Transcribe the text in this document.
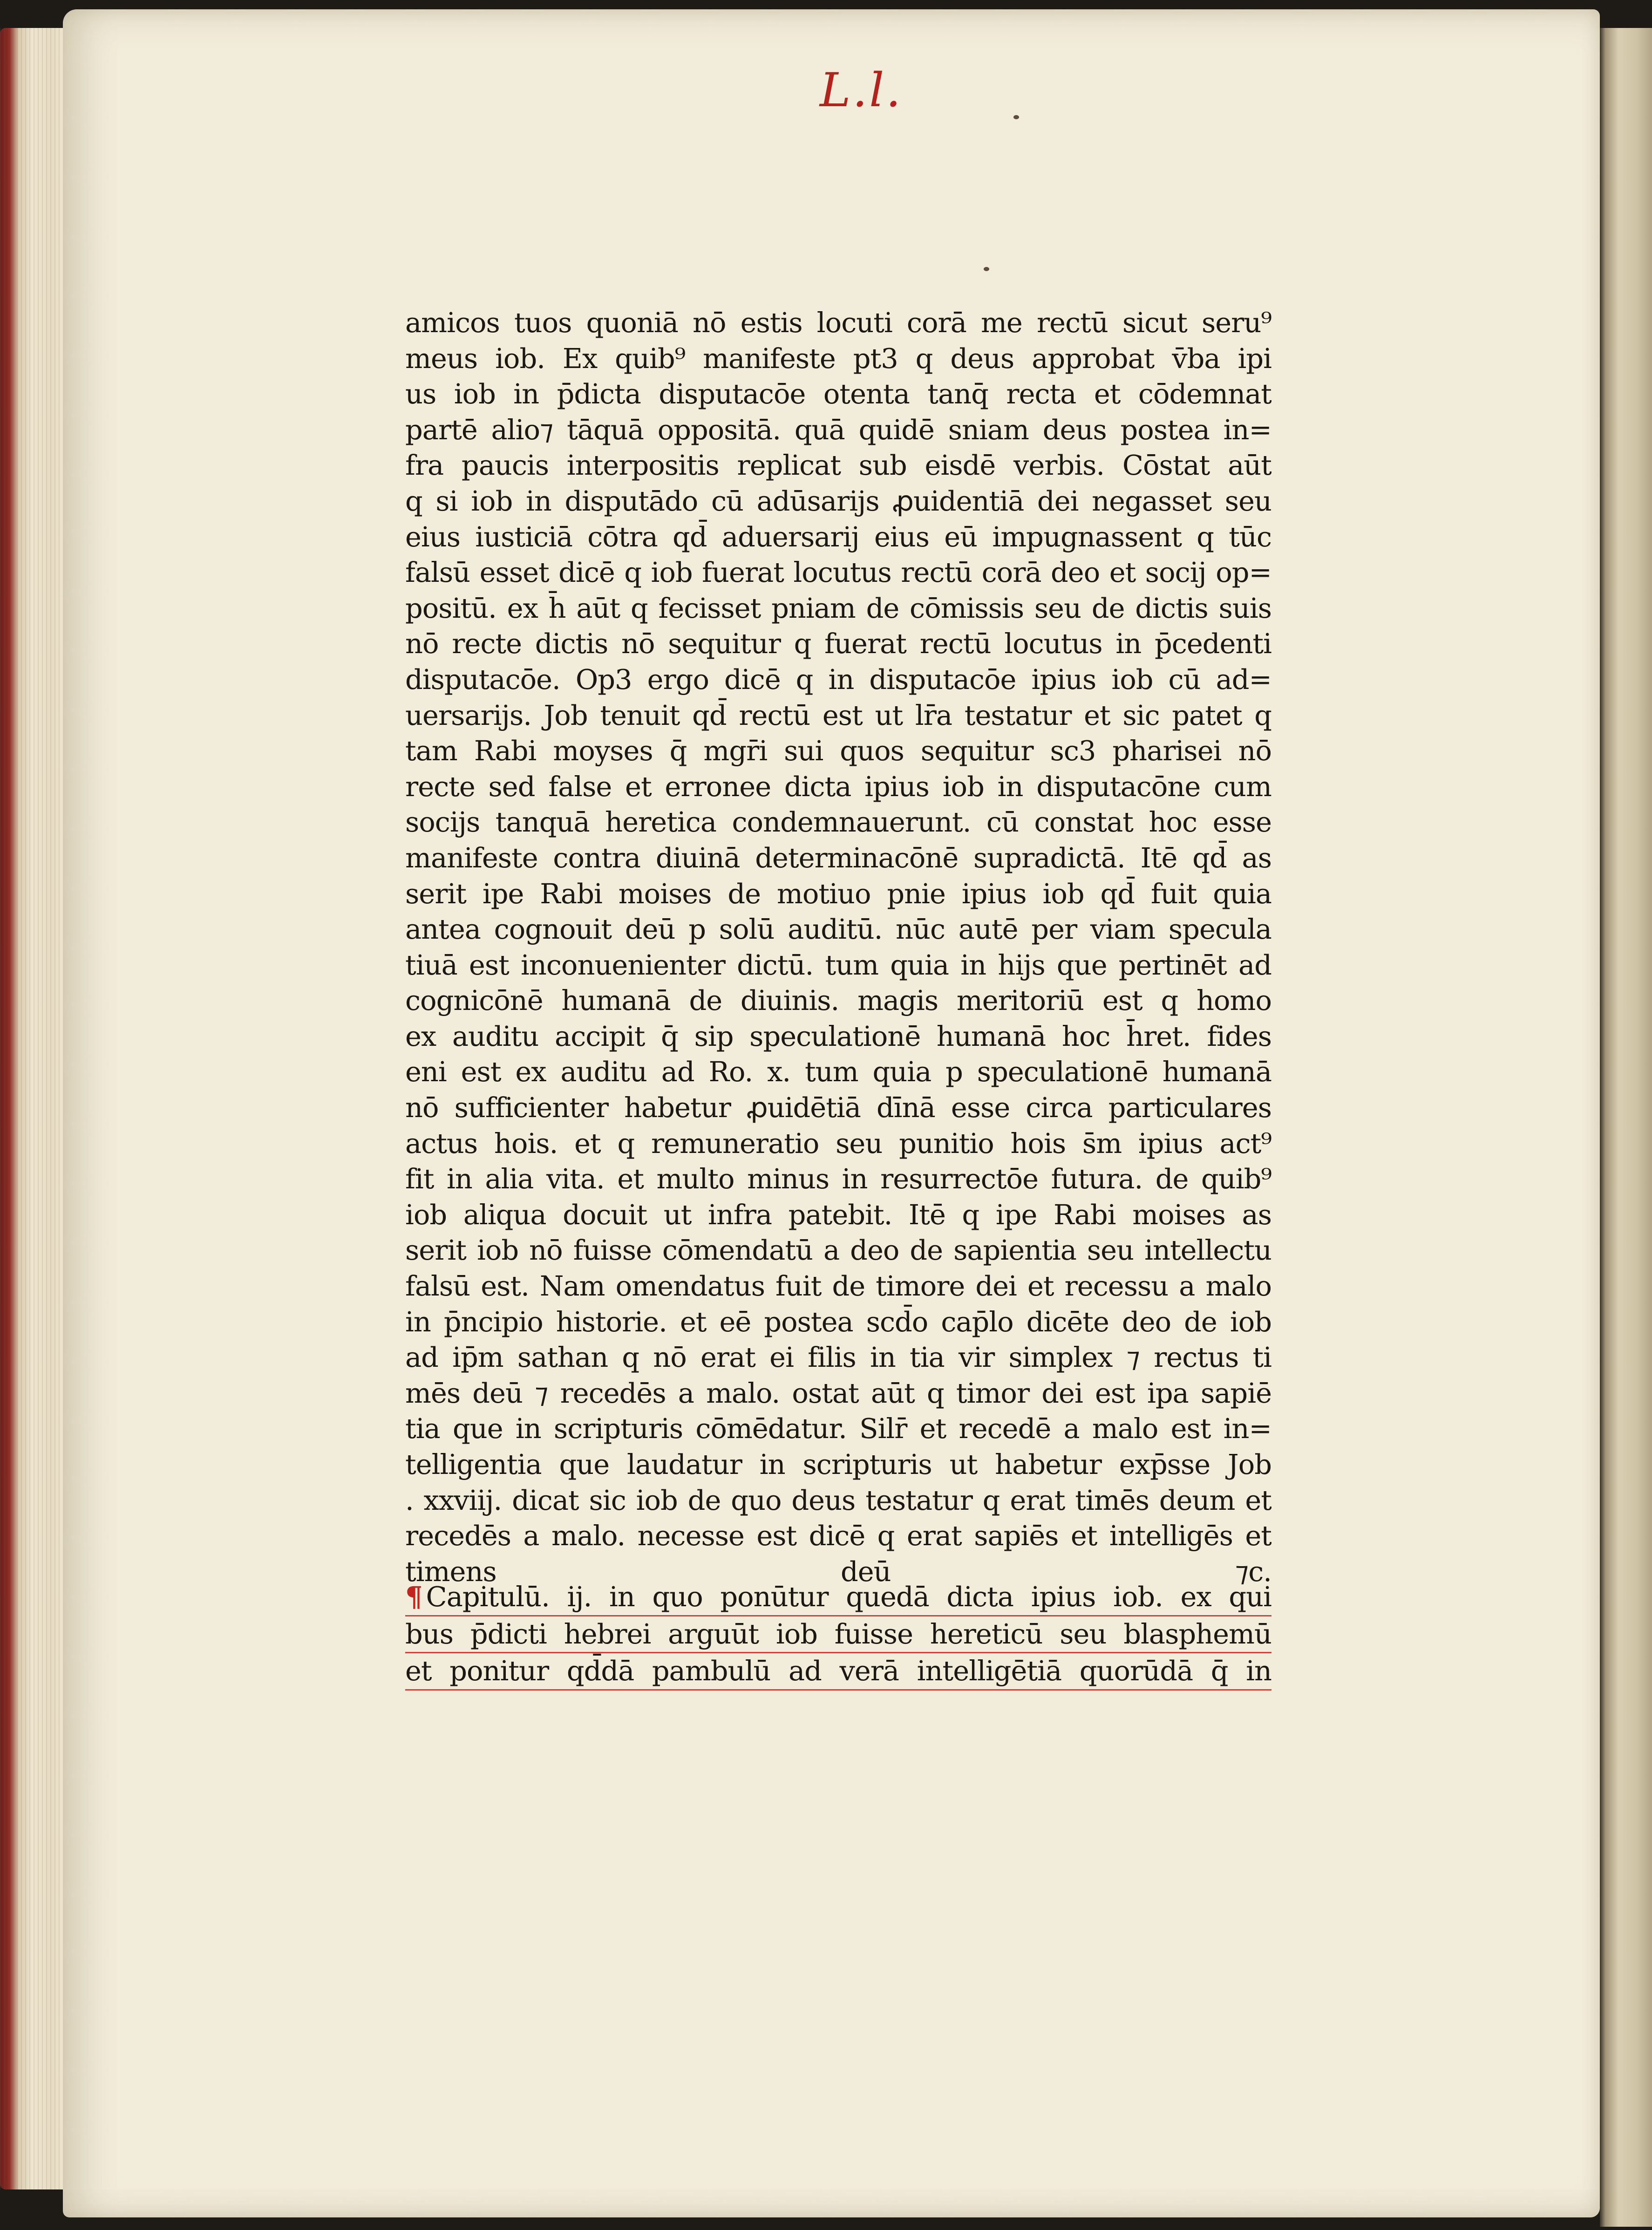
L.l.
amicos tuos quoniā nō estis locuti corā me rectū sicut seru⁹
meus iob. Ex quib⁹ manifeste pt3 q deus approbat v̄ba ipi
us iob in p̄dicta disputacōe otenta tanq̄ recta et cōdemnat
partē alio⁊ tāquā oppositā. quā quidē sniam deus postea in=
fra paucis interpositis replicat sub eisdē verbis. Cōstat aūt
q si iob in disputādo cū adūsarijs ꝓuidentiā dei negasset seu
eius iusticiā cōtra qd̄ aduersarij eius eū impugnassent q tūc
falsū esset dicē q iob fuerat locutus rectū corā deo et socij op=
positū. ex h̄ aūt q fecisset pniam de cōmissis seu de dictis suis
nō recte dictis nō sequitur q fuerat rectū locutus in p̄cedenti
disputacōe. Op3 ergo dicē q in disputacōe ipius iob cū ad=
uersarijs. Job tenuit qd̄ rectū est ut lr̄a testatur et sic patet q
tam Rabi moyses q̄ mgr̄i sui quos sequitur sc3 pharisei nō
recte sed false et erronee dicta ipius iob in disputacōne cum
socijs tanquā heretica condemnauerunt. cū constat hoc esse
manifeste contra diuinā determinacōnē supradictā. Itē qd̄ as
serit ipe Rabi moises de motiuo pnie ipius iob qd̄ fuit quia
antea cognouit deū p solū auditū. nūc autē per viam specula
tiuā est inconuenienter dictū. tum quia in hijs que pertinēt ad
cognicōnē humanā de diuinis. magis meritoriū est q homo
ex auditu accipit q̄ sip speculationē humanā hoc h̄ret. fides
eni est ex auditu ad Ro. x. tum quia p speculationē humanā
nō sufficienter habetur ꝓuidētiā dīnā esse circa particulares
actus hois. et q remuneratio seu punitio hois s̄m ipius act⁹
fit in alia vita. et multo minus in resurrectōe futura. de quib⁹
iob aliqua docuit ut infra patebit. Itē q ipe Rabi moises as
serit iob nō fuisse cōmendatū a deo de sapientia seu intellectu
falsū est. Nam omendatus fuit de timore dei et recessu a malo
in p̄ncipio historie. et eē postea scd̄o cap̄lo dicēte deo de iob
ad ip̄m sathan q nō erat ei filis in tia vir simplex ⁊ rectus ti
mēs deū ⁊ recedēs a malo. ostat aūt q timor dei est ipa sapiē
tia que in scripturis cōmēdatur. Silr̄ et recedē a malo est in=
telligentia que laudatur in scripturis ut habetur exp̄sse Job
. xxviij. dicat sic iob de quo deus testatur q erat timēs deum et
recedēs a malo. necesse est dicē q erat sapiēs et intelligēs et
timens deū ⁊c.
¶ Capitulū. ij. in quo ponūtur quedā dicta ipius iob. ex qui
bus p̄dicti hebrei arguūt iob fuisse hereticū seu blasphemū
et ponitur qd̄dā pambulū ad verā intelligētiā quorūdā q̄ in
